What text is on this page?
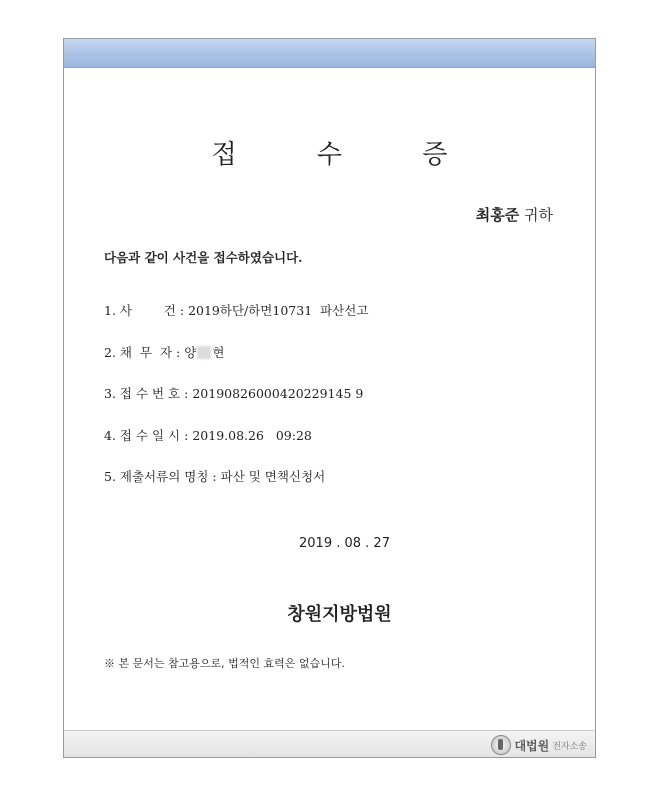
접 수 증
최홍준 귀하
다음과 같이 사건을 접수하였습니다.
1. 사        건 : 2019하단/하면10731  파산선고
2. 채  무  자 : 양 현
3. 접 수 번 호 : 20190826000420229145 9
4. 접 수 일 시 : 2019.08.26   09:28
5. 제출서류의 명칭 : 파산 및 면책신청서
2019 . 08 . 27
창원지방법원
※ 본 문서는 참고용으로, 법적인 효력은 없습니다.
대법원 전자소송
